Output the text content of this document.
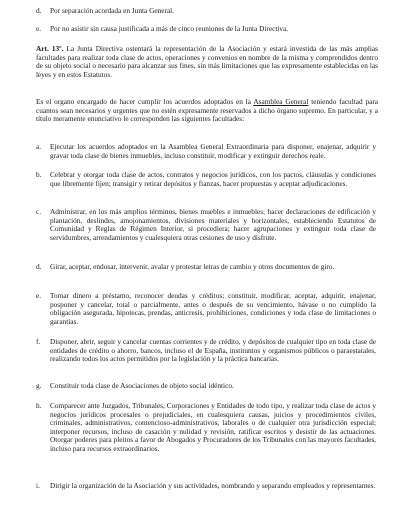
d. Por separación acordada en Junta General.

e. Por no asistir sin causa justificada a más de cinco reuniones de la Junta Directiva.

Art. 13º. La Junta Directiva ostentará la representación de la Asociación y estará investida de las más amplias facultades para realizar toda clase de actos, operaciones y convenios en nombre de la misma y comprendidos dentro de su objeto social o necesario para alcanzar sus fines, sin más limitaciones que las expresamente establecidas en las leyes y en estos Estatutos.

Es el organo encargado de hacer cumplir los acuerdos adoptados en la Asamblea General teniendo facultad para cuantos sean necesarios y urgentes que no estén expresamente reservados a dicho órgano supremo. En particular, y a título meramente enunciativo le corresponden las siguientes facultades:

a. Ejecutar los acuerdos adoptados en la Asamblea General Extraordinaria para disponer, enajenar, adquirir y gravar toda clase de bienes inmuebles, incluso constituir, modificar y extinguir derechos reale.

b. Celebrar y otorgar toda clase de actos, contratos y negocios jurídicos, con los pactos, cláusulas y condiciones que libremente fijen; transigir y retirar depósitos y fianzas, hacer propuestas y aceptar adjudicaciones.

c. Administrar, en los más amplios términos, bienes muebles e inmuebles; hacer declaraciones de edificación y plantación, deslindes, amojonamientos, divisiones materiales y horizontales, estableciendo Estatutos de Comunidad y Reglas de Régimen Interior, si procediera; hacer agrupaciones y extinguir toda clase de servidumbres, arrendamientos y cualesquiera otras cesiones de uso y disfrute.

d. Girar, aceptar, endosar, intervenir, avalar y protestar letras de cambio y otros documentos de giro.

e. Tomar dinero a préstamo, reconocer deudas y créditos; constituir, modificar, aceptar, adquirir, enajenar, posponer y cancelar, total o parcialmente, antes o después de su vencimiento, hávase o no cumplido la obligación asegurada, hipotecas, prendas, anticresis, prohibiciones, condiciones y toda clase de limitaciones o garantías.

f. Disponer, abrir, seguir y cancelar cuentas corrientes y de crédito, y depósitos de cualquier tipo en toda clase de entidades de crédito o ahorro, bancos, incluso el de España, instituntos y organismos públicos o paraestatales, realizando todos los actos permitidos por la legislación y la práctica bancarias.

g. Constituir toda clase de Asociaciones de objeto social idéntico.

h. Comparecer ante Juzgados, Tribunales, Corporaciones y Entidades de todo tipo, y realizar toda clase de actos y negocios jurídicos procesales o prejudiciales, en cualesquiera causas, juicios y procedimientos civiles, criminales, administrativos, contencioso-administrativos, laborales o de cualquier otra jurisdicción especial; interponer recursos, incluso de casación y nulidad y revisión, ratificar escritos y desistir de las actuaciones. Otorgar poderes para pleitos a favor de Abogados y Procuradores de los Tribunales con las mayores facultades, incluso para recursos extraordinarios.

i. Dirigir la organización de la Asociación y sus actividades, nombrando y separando empleados y representantes.
